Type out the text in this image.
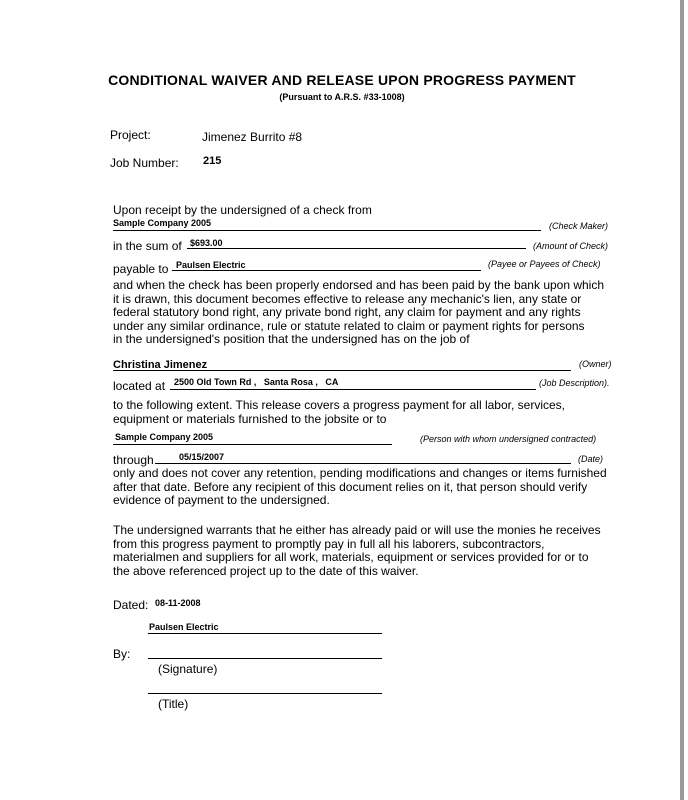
CONDITIONAL WAIVER AND RELEASE UPON PROGRESS PAYMENT
(Pursuant to A.R.S. #33-1008)
Project:	Jimenez Burrito #8
Job Number: 215
Upon receipt by the undersigned of a check from
Sample Company 2005	(Check Maker)
in the sum of $693.00	(Amount of Check)
payable to Paulsen Electric	(Payee or Payees of Check)
and when the check has been properly endorsed and has been paid by the bank upon which
it is drawn, this document becomes effective to release any mechanic's lien, any state or
federal statutory bond right, any private bond right, any claim for payment and any rights
under any similar ordinance, rule or statute related to claim or payment rights for persons
in the undersigned's position that the undersigned has on the job of
Christina Jimenez	(Owner)
located at 2500 Old Town Rd ,   Santa Rosa ,   CA	(Job Description).
to the following extent. This release covers a progress payment for all labor, services,
equipment or materials furnished to the jobsite or to
Sample Company 2005	(Person with whom undersigned contracted)
through	05/15/2007	(Date)
only and does not cover any retention, pending modifications and changes or items furnished
after that date. Before any recipient of this document relies on it, that person should verify
evidence of payment to the undersigned.
The undersigned warrants that he either has already paid or will use the monies he receives
from this progress payment to promptly pay in full all his laborers, subcontractors,
materialmen and suppliers for all work, materials, equipment or services provided for or to
the above referenced project up to the date of this waiver.
Dated: 08-11-2008
Paulsen Electric
By:
(Signature)
(Title)
